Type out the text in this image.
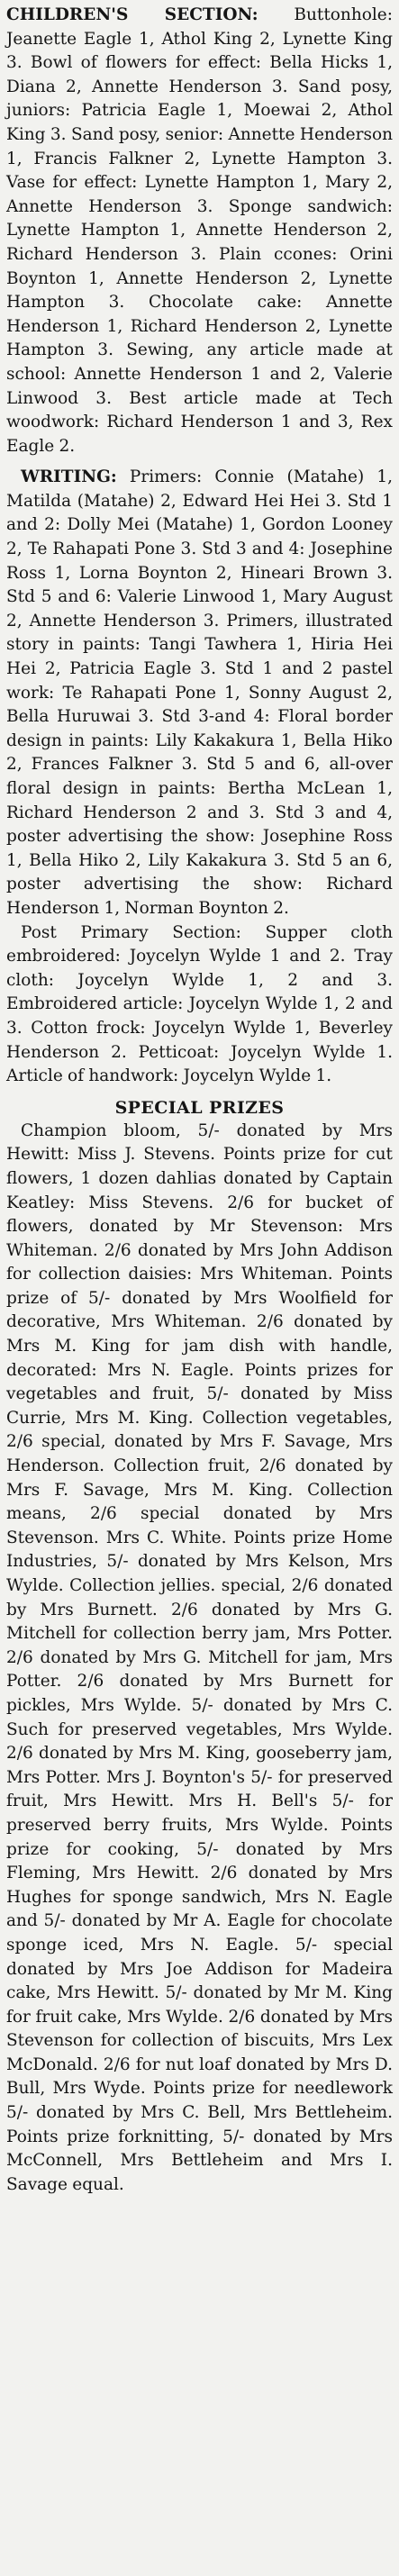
CHILDREN'S SECTION: Buttonhole: Jeanette Eagle 1, Athol King 2, Lynette King 3. Bowl of flowers for effect: Bella Hicks 1, Diana 2, Annette Henderson 3. Sand posy, juniors: Patricia Eagle 1, Moewai 2, Athol King 3. Sand posy, senior: Annette Henderson 1, Francis Falkner 2, Lynette Hampton 3. Vase for effect: Lynette Hampton 1, Mary 2, Annette Henderson 3. Sponge sandwich: Lynette Hampton 1, Annette Henderson 2, Richard Henderson 3. Plain ccones: Orini Boynton 1, Annette Henderson 2, Lynette Hampton 3. Chocolate cake: Annette Henderson 1, Richard Henderson 2, Lynette Hampton 3. Sewing, any article made at school: Annette Henderson 1 and 2, Valerie Linwood 3. Best article made at Tech woodwork: Richard Henderson 1 and 3, Rex Eagle 2.

WRITING: Primers: Connie (Matahe) 1, Matilda (Matahe) 2, Edward Hei Hei 3. Std 1 and 2: Dolly Mei (Matahe) 1, Gordon Looney 2, Te Rahapati Pone 3. Std 3 and 4: Josephine Ross 1, Lorna Boynton 2, Hineari Brown 3. Std 5 and 6: Valerie Linwood 1, Mary August 2, Annette Henderson 3. Primers, illustrated story in paints: Tangi Tawhera 1, Hiria Hei Hei 2, Patricia Eagle 3. Std 1 and 2 pastel work: Te Rahapati Pone 1, Sonny August 2, Bella Huruwai 3. Std 3-and 4: Floral border design in paints: Lily Kakakura 1, Bella Hiko 2, Frances Falkner 3. Std 5 and 6, all-over floral design in paints: Bertha McLean 1, Richard Henderson 2 and 3. Std 3 and 4, poster advertising the show: Josephine Ross 1, Bella Hiko 2, Lily Kakakura 3. Std 5 an 6, poster advertising the show: Richard Henderson 1, Norman Boynton 2.

Post Primary Section: Supper cloth embroidered: Joycelyn Wylde 1 and 2. Tray cloth: Joycelyn Wylde 1, 2 and 3. Embroidered article: Joycelyn Wylde 1, 2 and 3. Cotton frock: Joycelyn Wylde 1, Beverley Henderson 2. Petticoat: Joycelyn Wylde 1. Article of handwork: Joycelyn Wylde 1.

SPECIAL PRIZES

Champion bloom, 5/- donated by Mrs Hewitt: Miss J. Stevens. Points prize for cut flowers, 1 dozen dahlias donated by Captain Keatley: Miss Stevens. 2/6 for bucket of flowers, donated by Mr Stevenson: Mrs Whiteman. 2/6 donated by Mrs John Addison for collection daisies: Mrs Whiteman. Points prize of 5/- donated by Mrs Woolfield for decorative, Mrs Whiteman. 2/6 donated by Mrs M. King for jam dish with handle, decorated: Mrs N. Eagle. Points prizes for vegetables and fruit, 5/- donated by Miss Currie, Mrs M. King. Collection vegetables, 2/6 special, donated by Mrs F. Savage, Mrs Henderson. Collection fruit, 2/6 donated by Mrs F. Savage, Mrs M. King. Collection means, 2/6 special donated by Mrs Stevenson. Mrs C. White. Points prize Home Industries, 5/- donated by Mrs Kelson, Mrs Wylde. Collection jellies. special, 2/6 donated by Mrs Burnett. 2/6 donated by Mrs G. Mitchell for collection berry jam, Mrs Potter. 2/6 donated by Mrs G. Mitchell for jam, Mrs Potter. 2/6 donated by Mrs Burnett for pickles, Mrs Wylde. 5/- donated by Mrs C. Such for preserved vegetables, Mrs Wylde. 2/6 donated by Mrs M. King, gooseberry jam, Mrs Potter. Mrs J. Boynton's 5/- for preserved fruit, Mrs Hewitt. Mrs H. Bell's 5/- for preserved berry fruits, Mrs Wylde. Points prize for cooking, 5/- donated by Mrs Fleming, Mrs Hewitt. 2/6 donated by Mrs Hughes for sponge sandwich, Mrs N. Eagle and 5/- donated by Mr A. Eagle for chocolate sponge iced, Mrs N. Eagle. 5/- special donated by Mrs Joe Addison for Madeira cake, Mrs Hewitt. 5/- donated by Mr M. King for fruit cake, Mrs Wylde. 2/6 donated by Mrs Stevenson for collection of biscuits, Mrs Lex McDonald. 2/6 for nut loaf donated by Mrs D. Bull, Mrs Wyde. Points prize for needlework 5/- donated by Mrs C. Bell, Mrs Bettleheim. Points prize forknitting, 5/- donated by Mrs McConnell, Mrs Bettleheim and Mrs I. Savage equal.
